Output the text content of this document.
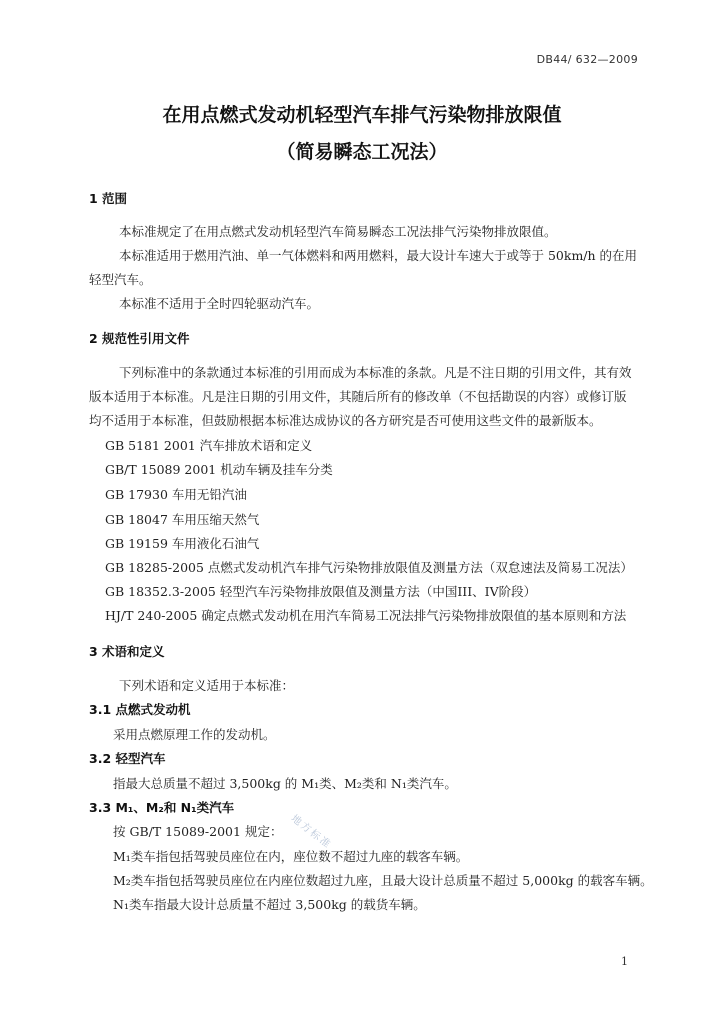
DB44/ 632—2009
在用点燃式发动机轻型汽车排气污染物排放限值
（简易瞬态工况法）
1 范围
本标准规定了在用点燃式发动机轻型汽车简易瞬态工况法排气污染物排放限值。
本标准适用于燃用汽油、单一气体燃料和两用燃料，最大设计车速大于或等于 50km/h 的在用
轻型汽车。
本标准不适用于全时四轮驱动汽车。
2 规范性引用文件
下列标准中的条款通过本标准的引用而成为本标准的条款。凡是不注日期的引用文件，其有效
版本适用于本标准。凡是注日期的引用文件，其随后所有的修改单（不包括勘误的内容）或修订版
均不适用于本标准，但鼓励根据本标准达成协议的各方研究是否可使用这些文件的最新版本。
GB 5181 2001 汽车排放术语和定义
GB/T 15089 2001 机动车辆及挂车分类
GB 17930 车用无铅汽油
GB 18047 车用压缩天然气
GB 19159 车用液化石油气
GB 18285-2005 点燃式发动机汽车排气污染物排放限值及测量方法（双怠速法及简易工况法）
GB 18352.3-2005 轻型汽车污染物排放限值及测量方法（中国III、IV阶段）
HJ/T 240-2005 确定点燃式发动机在用汽车简易工况法排气污染物排放限值的基本原则和方法
3 术语和定义
下列术语和定义适用于本标准：
3.1 点燃式发动机
采用点燃原理工作的发动机。
3.2 轻型汽车
指最大总质量不超过 3,500kg 的 M₁类、M₂类和 N₁类汽车。
3.3 M₁、M₂和 N₁类汽车
按 GB/T 15089-2001 规定：
M₁类车指包括驾驶员座位在内，座位数不超过九座的载客车辆。
M₂类车指包括驾驶员座位在内座位数超过九座，且最大设计总质量不超过 5,000kg 的载客车辆。
N₁类车指最大设计总质量不超过 3,500kg 的载货车辆。
地方标准
1
